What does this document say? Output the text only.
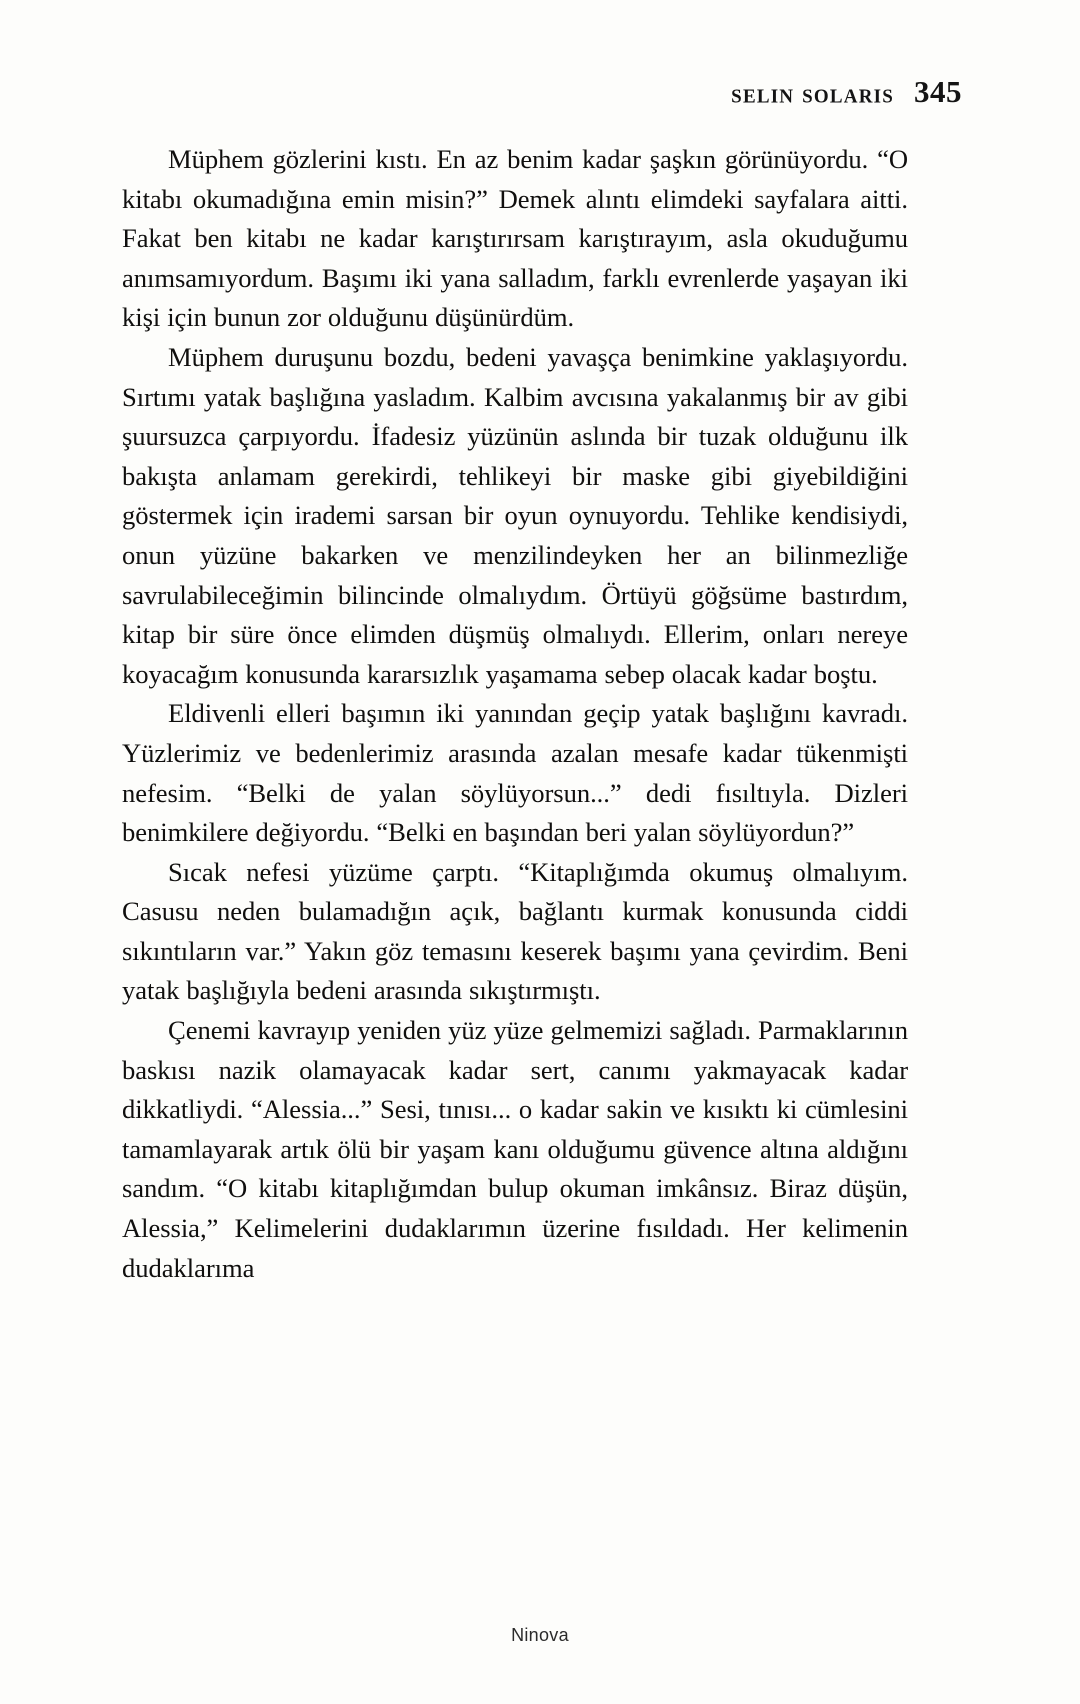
selin solaris 345

Müphem gözlerini kıstı. En az benim kadar şaşkın görünüyordu. “O kitabı okumadığına emin misin?” Demek alıntı elimdeki sayfalara aitti. Fakat ben kitabı ne kadar karıştırırsam karıştırayım, asla okuduğumu anımsamıyordum. Başımı iki yana salladım, farklı evrenlerde yaşayan iki kişi için bunun zor olduğunu düşünürdüm.

Müphem duruşunu bozdu, bedeni yavaşça benimkine yaklaşıyordu. Sırtımı yatak başlığına yasladım. Kalbim avcısına yakalanmış bir av gibi şuursuzca çarpıyordu. İfadesiz yüzünün aslında bir tuzak olduğunu ilk bakışta anlamam gerekirdi, tehlikeyi bir maske gibi giyebildiğini göstermek için irademi sarsan bir oyun oynuyordu. Tehlike kendisiydi, onun yüzüne bakarken ve menzilindeyken her an bilinmezliğe savrulabileceğimin bilincinde olmalıydım. Örtüyü göğsüme bastırdım, kitap bir süre önce elimden düşmüş olmalıydı. Ellerim, onları nereye koyacağım konusunda kararsızlık yaşamama sebep olacak kadar boştu.

Eldivenli elleri başımın iki yanından geçip yatak başlığını kavradı. Yüzlerimiz ve bedenlerimiz arasında azalan mesafe kadar tükenmişti nefesim. “Belki de yalan söylüyorsun...” dedi fısıltıyla. Dizleri benimkilere değiyordu. “Belki en başından beri yalan söylüyordun?”

Sıcak nefesi yüzüme çarptı. “Kitaplığımda okumuş olmalıyım. Casusu neden bulamadığın açık, bağlantı kurmak konusunda ciddi sıkıntıların var.” Yakın göz temasını keserek başımı yana çevirdim. Beni yatak başlığıyla bedeni arasında sıkıştırmıştı.

Çenemi kavrayıp yeniden yüz yüze gelmemizi sağladı. Parmaklarının baskısı nazik olamayacak kadar sert, canımı yakmayacak kadar dikkatliydi. “Alessia...” Sesi, tınısı... o kadar sakin ve kısıktı ki cümlesini tamamlayarak artık ölü bir yaşam kanı olduğumu güvence altına aldığını sandım. “O kitabı kitaplığımdan bulup okuman imkânsız. Biraz düşün, Alessia,” Kelimelerini dudaklarımın üzerine fısıldadı. Her kelimenin dudaklarıma

Ninova
